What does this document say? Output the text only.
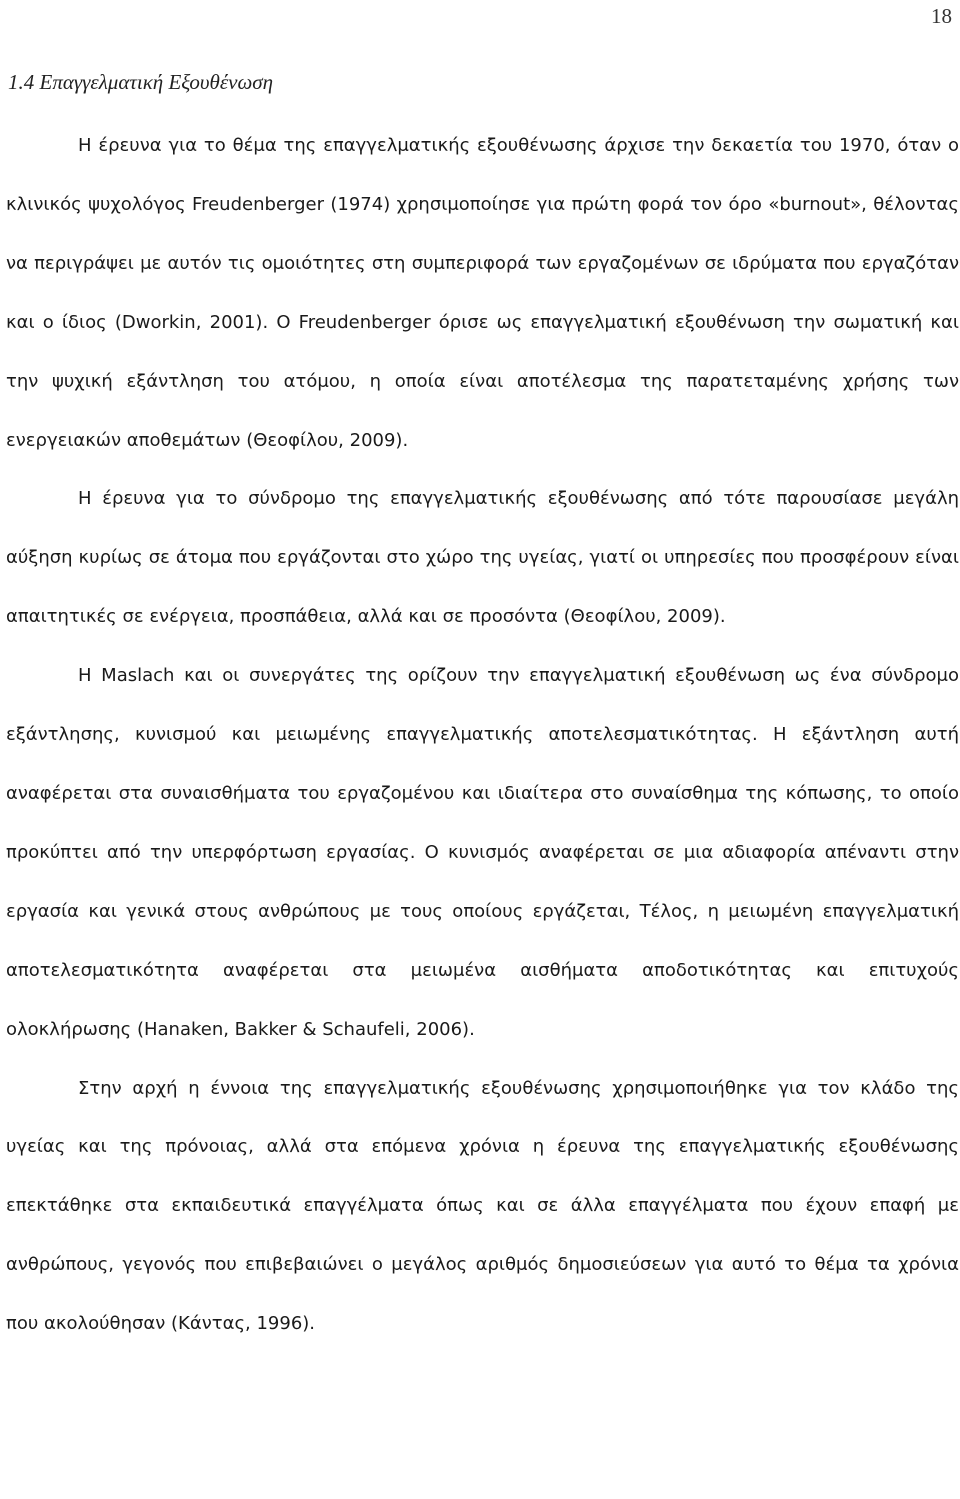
18
1.4 Επαγγελματική Εξουθένωση

Η έρευνα για το θέμα της επαγγελματικής εξουθένωσης άρχισε την δεκαετία του 1970, όταν ο κλινικός ψυχολόγος Freudenberger (1974) χρησιμοποίησε για πρώτη φορά τον όρο «burnout», θέλοντας να περιγράψει με αυτόν τις ομοιότητες στη συμπεριφορά των εργαζομένων σε ιδρύματα που εργαζόταν και ο ίδιος (Dworkin, 2001). Ο Freudenberger όρισε ως επαγγελματική εξουθένωση την σωματική και την ψυχική εξάντληση του ατόμου, η οποία είναι αποτέλεσμα της παρατεταμένης χρήσης των ενεργειακών αποθεμάτων (Θεοφίλου, 2009).

Η έρευνα για το σύνδρομο της επαγγελματικής εξουθένωσης από τότε παρουσίασε μεγάλη αύξηση κυρίως σε άτομα που εργάζονται στο χώρο της υγείας, γιατί οι υπηρεσίες που προσφέρουν είναι απαιτητικές σε ενέργεια, προσπάθεια, αλλά και σε προσόντα (Θεοφίλου, 2009).

Η Maslach και οι συνεργάτες της ορίζουν την επαγγελματική εξουθένωση ως ένα σύνδρομο εξάντλησης, κυνισμού και μειωμένης επαγγελματικής αποτελεσματικότητας. Η εξάντληση αυτή αναφέρεται στα συναισθήματα του εργαζομένου και ιδιαίτερα στο συναίσθημα της κόπωσης, το οποίο προκύπτει από την υπερφόρτωση εργασίας. Ο κυνισμός αναφέρεται σε μια αδιαφορία απέναντι στην εργασία και γενικά στους ανθρώπους με τους οποίους εργάζεται, Τέλος, η μειωμένη επαγγελματική αποτελεσματικότητα αναφέρεται στα μειωμένα αισθήματα αποδοτικότητας και επιτυχούς ολοκλήρωσης (Hanaken, Bakker & Schaufeli, 2006).

Στην αρχή η έννοια της επαγγελματικής εξουθένωσης χρησιμοποιήθηκε για τον κλάδο της υγείας και της πρόνοιας, αλλά στα επόμενα χρόνια η έρευνα της επαγγελματικής εξουθένωσης επεκτάθηκε στα εκπαιδευτικά επαγγέλματα όπως και σε άλλα επαγγέλματα που έχουν επαφή με ανθρώπους, γεγονός που επιβεβαιώνει ο μεγάλος αριθμός δημοσιεύσεων για αυτό το θέμα τα χρόνια που ακολούθησαν (Κάντας, 1996).
